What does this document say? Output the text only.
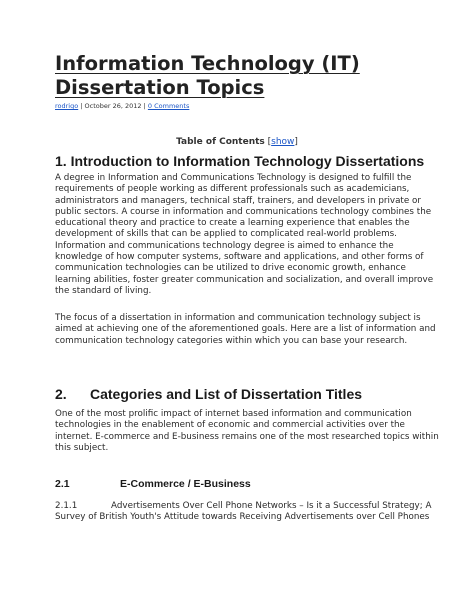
Information Technology (IT) Dissertation Topics
rodrigo | October 26, 2012 | 0 Comments
Table of Contents [show]
1. Introduction to Information Technology Dissertations

A degree in Information and Communications Technology is designed to fulfill the requirements of people working as different professionals such as academicians, administrators and managers, technical staff, trainers, and developers in private or public sectors. A course in information and communications technology combines the educational theory and practice to create a learning experience that enables the development of skills that can be applied to complicated real-world problems. Information and communications technology degree is aimed to enhance the knowledge of how computer systems, software and applications, and other forms of communication technologies can be utilized to drive economic growth, enhance learning abilities, foster greater communication and socialization, and overall improve the standard of living.

The focus of a dissertation in information and communication technology subject is aimed at achieving one of the aforementioned goals. Here are a list of information and communication technology categories within which you can base your research.

2. Categories and List of Dissertation Titles

One of the most prolific impact of internet based information and communication technologies in the enablement of economic and commercial activities over the internet. E-commerce and E-business remains one of the most researched topics within this subject.

2.1	E-Commerce / E-Business

2.1.1	Advertisements Over Cell Phone Networks – Is it a Successful Strategy; A Survey of British Youth's Attitude towards Receiving Advertisements over Cell Phones
